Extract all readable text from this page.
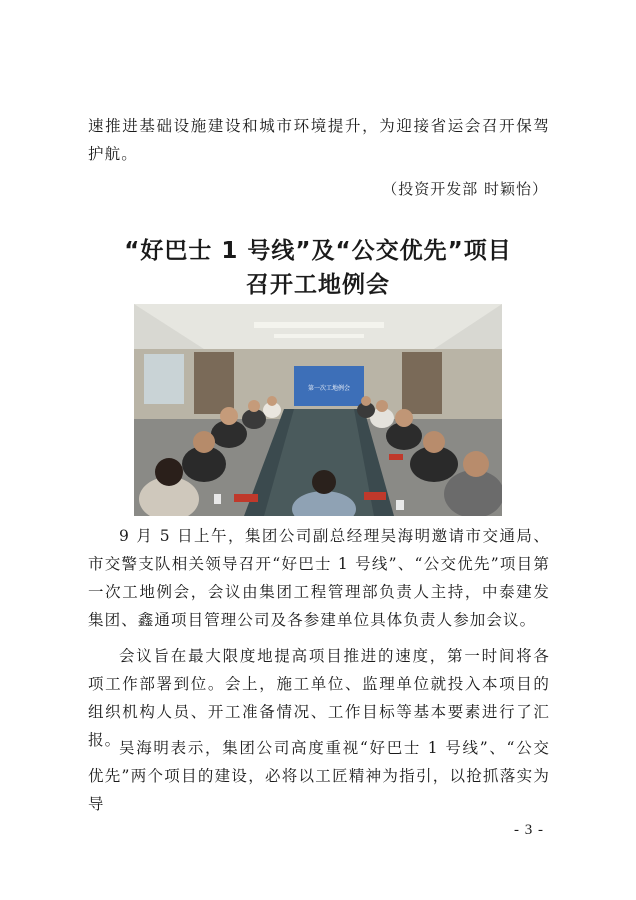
速推进基础设施建设和城市环境提升，为迎接省运会召开保驾护航。

（投资开发部 时颖怡）
“好巴士 1 号线”及“公交优先”项目
召开工地例会
第一次工地例会

9 月 5 日上午，集团公司副总经理吴海明邀请市交通局、市交警支队相关领导召开“好巴士 1 号线”、“公交优先”项目第一次工地例会，会议由集团工程管理部负责人主持，中泰建发集团、鑫通项目管理公司及各参建单位具体负责人参加会议。

会议旨在最大限度地提高项目推进的速度，第一时间将各项工作部署到位。会上，施工单位、监理单位就投入本项目的组织机构人员、开工准备情况、工作目标等基本要素进行了汇报。

吴海明表示，集团公司高度重视“好巴士 1 号线”、“公交优先”两个项目的建设，必将以工匠精神为指引，以抢抓落实为导

- 3 -
